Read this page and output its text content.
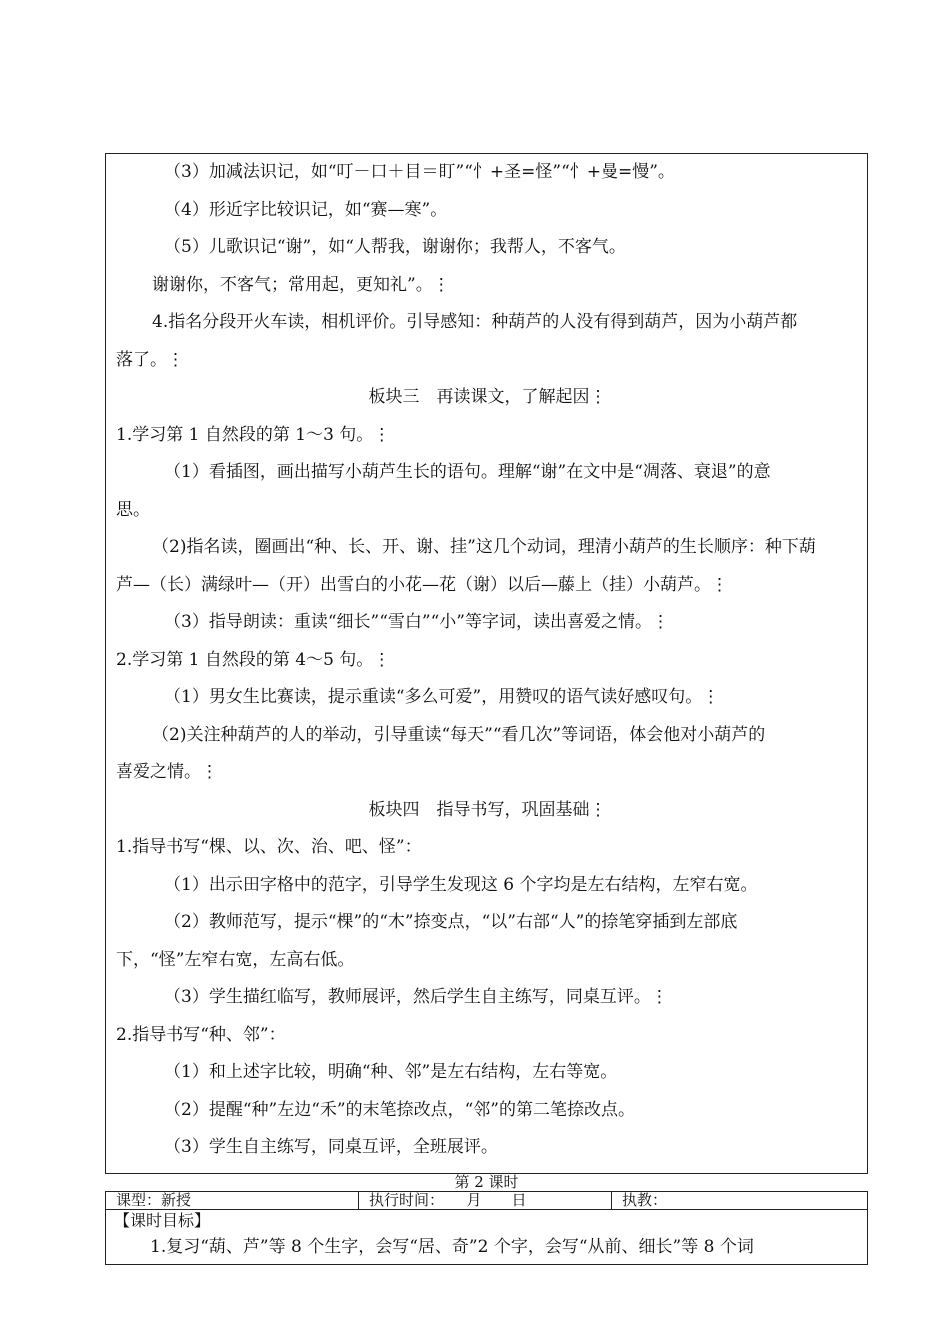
（3）加减法识记，如“叮－口＋目＝盯”“忄+圣=怪”“忄+曼=慢”。
（4）形近字比较识记，如“赛—寒”。
（5）儿歌识记“谢”，如“人帮我，谢谢你；我帮人，不客气。
谢谢你，不客气；常用起，更知礼”。⋮
4.指名分段开火车读，相机评价。引导感知：种葫芦的人没有得到葫芦，因为小葫芦都
落了。⋮
板块三　再读课文，了解起因⋮
1.学习第 1 自然段的第 1～3 句。⋮
（1）看插图，画出描写小葫芦生长的语句。理解“谢”在文中是“凋落、衰退”的意
思。
（2)指名读，圈画出“种、长、开、谢、挂”这几个动词，理清小葫芦的生长顺序：种下葫
芦—（长）满绿叶—（开）出雪白的小花—花（谢）以后—藤上（挂）小葫芦。⋮
（3）指导朗读：重读“细长”“雪白”“小”等字词，读出喜爱之情。⋮
2.学习第 1 自然段的第 4～5 句。⋮
（1）男女生比赛读，提示重读“多么可爱”，用赞叹的语气读好感叹句。⋮
（2)关注种葫芦的人的举动，引导重读“每天”“看几次”等词语，体会他对小葫芦的
喜爱之情。⋮
板块四　指导书写，巩固基础⋮
1.指导书写“棵、以、次、治、吧、怪”：
（1）出示田字格中的范字，引导学生发现这 6 个字均是左右结构，左窄右宽。
（2）教师范写，提示“棵”的“木”捺变点，“以”右部“人”的捺笔穿插到左部底
下，“怪”左窄右宽，左高右低。
（3）学生描红临写，教师展评，然后学生自主练写，同桌互评。⋮
2.指导书写“种、邻”：
（1）和上述字比较，明确“种、邻”是左右结构，左右等宽。
（2）提醒“种”左边“禾”的末笔捺改点，“邻”的第二笔捺改点。
（3）学生自主练写，同桌互评，全班展评。
第 2 课时
课型：新授	执行时间：　　月　　日	执教：
【课时目标】
1.复习“葫、芦”等 8 个生字，会写“居、奇”2 个字，会写“从前、细长”等 8 个词
